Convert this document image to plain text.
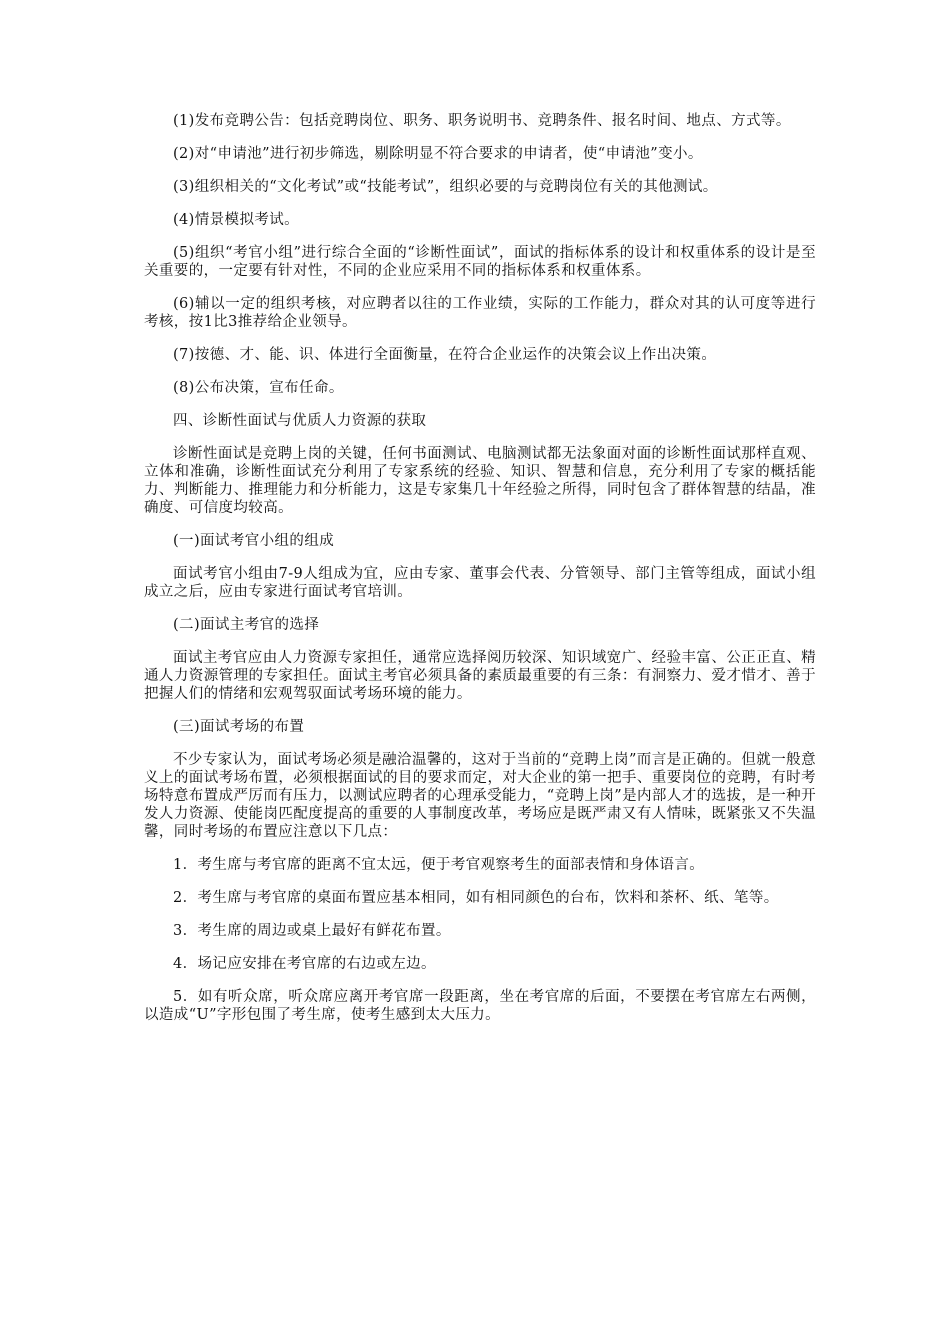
(1)发布竞聘公告：包括竞聘岗位、职务、职务说明书、竞聘条件、报名时间、地点、方式等。

(2)对“申请池”进行初步筛选，剔除明显不符合要求的申请者，使“申请池”变小。

(3)组织相关的“文化考试”或“技能考试”，组织必要的与竞聘岗位有关的其他测试。

(4)情景模拟考试。

(5)组织“考官小组”进行综合全面的“诊断性面试”，面试的指标体系的设计和权重体系的设计是至关重要的，一定要有针对性，不同的企业应采用不同的指标体系和权重体系。

(6)辅以一定的组织考核，对应聘者以往的工作业绩，实际的工作能力，群众对其的认可度等进行考核，按1比3推荐给企业领导。

(7)按德、才、能、识、体进行全面衡量，在符合企业运作的决策会议上作出决策。

(8)公布决策，宣布任命。

四、诊断性面试与优质人力资源的获取

诊断性面试是竞聘上岗的关键，任何书面测试、电脑测试都无法象面对面的诊断性面试那样直观、立体和准确，诊断性面试充分利用了专家系统的经验、知识、智慧和信息，充分利用了专家的概括能力、判断能力、推理能力和分析能力，这是专家集几十年经验之所得，同时包含了群体智慧的结晶，准确度、可信度均较高。

(一)面试考官小组的组成

面试考官小组由7-9人组成为宜，应由专家、董事会代表、分管领导、部门主管等组成，面试小组成立之后，应由专家进行面试考官培训。

(二)面试主考官的选择

面试主考官应由人力资源专家担任，通常应选择阅历较深、知识域宽广、经验丰富、公正正直、精通人力资源管理的专家担任。面试主考官必须具备的素质最重要的有三条：有洞察力、爱才惜才、善于把握人们的情绪和宏观驾驭面试考场环境的能力。

(三)面试考场的布置

不少专家认为，面试考场必须是融洽温馨的，这对于当前的“竞聘上岗”而言是正确的。但就一般意义上的面试考场布置，必须根据面试的目的要求而定，对大企业的第一把手、重要岗位的竞聘，有时考场特意布置成严厉而有压力，以测试应聘者的心理承受能力，“竞聘上岗”是内部人才的选拔，是一种开发人力资源、使能岗匹配度提高的重要的人事制度改革，考场应是既严肃又有人情味，既紧张又不失温馨，同时考场的布置应注意以下几点：

1．考生席与考官席的距离不宜太远，便于考官观察考生的面部表情和身体语言。

2．考生席与考官席的桌面布置应基本相同，如有相同颜色的台布，饮料和茶杯、纸、笔等。

3．考生席的周边或桌上最好有鲜花布置。

4．场记应安排在考官席的右边或左边。

5．如有听众席，听众席应离开考官席一段距离，坐在考官席的后面，不要摆在考官席左右两侧，以造成“U”字形包围了考生席，使考生感到太大压力。
